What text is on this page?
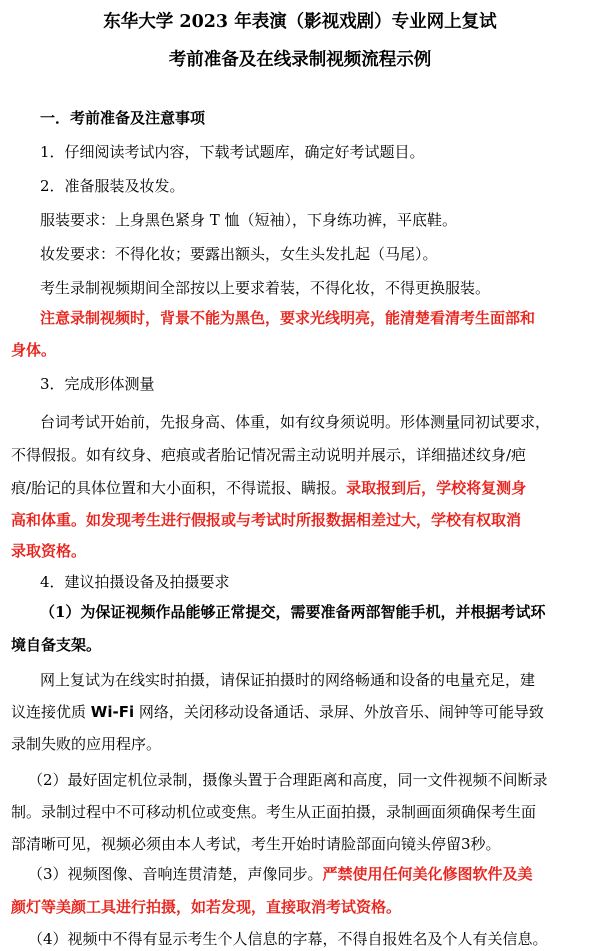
东华大学 2023 年表演（影视戏剧）专业网上复试
考前准备及在线录制视频流程示例
一．考前准备及注意事项
1．仔细阅读考试内容，下载考试题库，确定好考试题目。
2．准备服装及妆发。
服装要求：上身黑色紧身 T 恤（短袖），下身练功裤，平底鞋。
妆发要求：不得化妆；要露出额头，女生头发扎起（马尾）。
考生录制视频期间全部按以上要求着装，不得化妆，不得更换服装。
注意录制视频时，背景不能为黑色，要求光线明亮，能清楚看清考生面部和
身体。
3．完成形体测量
台词考试开始前，先报身高、体重，如有纹身须说明。形体测量同初试要求，
不得假报。如有纹身、疤痕或者胎记情况需主动说明并展示，详细描述纹身/疤
痕/胎记的具体位置和大小面积，不得谎报、瞒报。录取报到后，学校将复测身
高和体重。如发现考生进行假报或与考试时所报数据相差过大，学校有权取消
录取资格。
4．建议拍摄设备及拍摄要求
（1）为保证视频作品能够正常提交，需要准备两部智能手机，并根据考试环
境自备支架。
网上复试为在线实时拍摄，请保证拍摄时的网络畅通和设备的电量充足，建
议连接优质 Wi-Fi 网络，关闭移动设备通话、录屏、外放音乐、闹钟等可能导致
录制失败的应用程序。
（2）最好固定机位录制，摄像头置于合理距离和高度，同一文件视频不间断录
制。录制过程中不可移动机位或变焦。考生从正面拍摄，录制画面须确保考生面
部清晰可见，视频必须由本人考试，考生开始时请脸部面向镜头停留3秒。
（3）视频图像、音响连贯清楚，声像同步。严禁使用任何美化修图软件及美
颜灯等美颜工具进行拍摄，如若发现，直接取消考试资格。
（4）视频中不得有显示考生个人信息的字幕，不得自报姓名及个人有关信息。
